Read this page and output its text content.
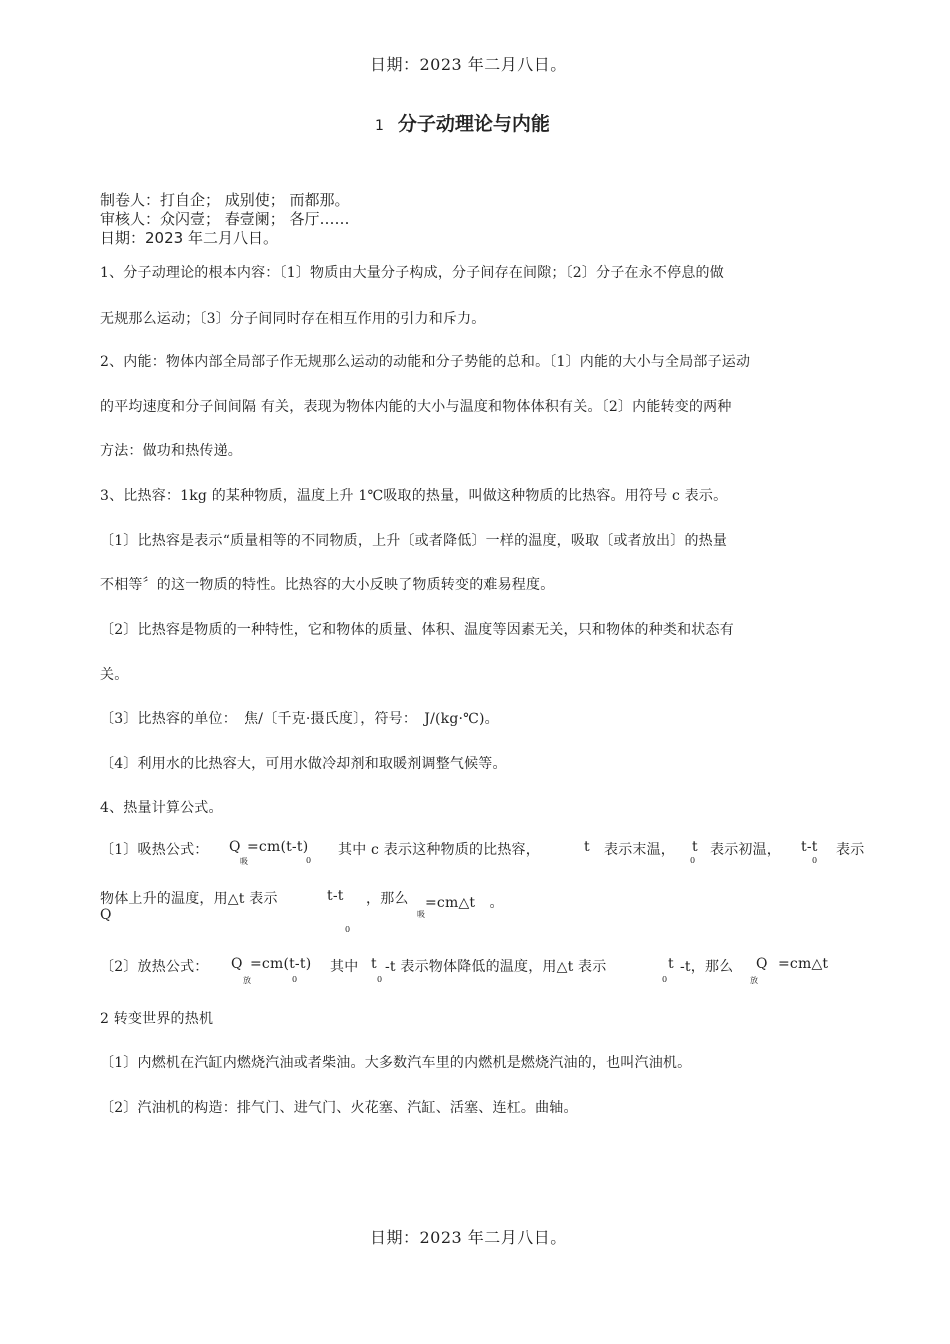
日期：2023 年二月八日。
1 分子动理论与内能
制卷人：打自企； 成别使； 而都那。
审核人：众闪壹； 春壹阑； 各厅……
日期：2023 年二月八日。
1、分子动理论的根本内容：〔1〕物质由大量分子构成，分子间存在间隙；〔2〕分子在永不停息的做
无规那么运动；〔3〕分子间同时存在相互作用的引力和斥力。
2、内能：物体内部全局部子作无规那么运动的动能和分子势能的总和。〔1〕内能的大小与全局部子运动
的平均速度和分子间间隔 有关，表现为物体内能的大小与温度和物体体积有关。〔2〕内能转变的两种
方法：做功和热传递。
3、比热容：1kg 的某种物质，温度上升 1℃吸取的热量，叫做这种物质的比热容。用符号 c 表示。
〔1〕比热容是表示“质量相等的不同物质，上升〔或者降低〕一样的温度，吸取〔或者放出〕的热量
不相等〞的这一物质的特性。比热容的大小反映了物质转变的难易程度。
〔2〕比热容是物质的一种特性，它和物体的质量、体积、温度等因素无关，只和物体的种类和状态有
关。
〔3〕比热容的单位：　焦/〔千克·摄氏度〕，符号：　J/(kg·℃)。
〔4〕利用水的比热容大，可用水做冷却剂和取暖剂调整气候等。
4、热量计算公式。
〔1〕吸热公式： Q
吸
=cm(t-t)
0
其中 c 表示这种物质的比热容，	t 表示末温， t
0
表示初温， t-t
0
表示
物体上升的温度，用△t 表示	t-t
0
，那么
吸
=cm△t　。
Q
〔2〕放热公式： Q
放
=cm(t-t)
0
其中 t
0
-t 表示物体降低的温度，用△t 表示	t
0
-t，那么 Q
放
=cm△t
2 转变世界的热机
〔1〕内燃机在汽缸内燃烧汽油或者柴油。大多数汽车里的内燃机是燃烧汽油的，也叫汽油机。
〔2〕汽油机的构造：排气门、进气门、火花塞、汽缸、活塞、连杠。曲轴。
日期：2023 年二月八日。
